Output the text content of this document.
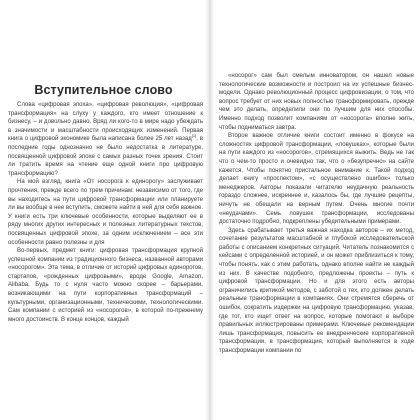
Вступительное слово

Слова «цифровая эпоха», «цифровая революция», «цифровая трансформация» на слуху у каждого, кто имеет отношение к бизнесу, – и довольно давно. Вряд ли кого-то в мире надо убеждать в значимости и масштабности происходящих изменений. Первая книга о цифровой экономике была написана более 25 лет назад[1], в последние годы однозначно не было недостатка в литературе, посвященной цифровой эпохе с самых разных точек зрения. Стоит ли тратить время на чтение еще одной книги про цифровую трансформацию?

На мой взгляд, книга «От носорога к единорогу» заслуживает прочтения, прежде всего по трем причинам: независимо от того, где вы находитесь на пути цифровой трансформации или планируете ли вы вообще в нее вступить, сможете найти в ней для себя важное. У книги есть три ключевые особенности, которые выделяют ее в ряду многих других интересных и полезных литературных текстов, посвященных цифровой эпохе, за одним исключением – все эти особенности равно полезны и для

Во-первых, предмет книги: цифровая трансформация крупной успешной компании из традиционного бизнеса, названной авторами «носорогом». Эта тема, в отличие от историй цифровых единорогов, стартапов, «рожденных цифровыми», вроде Google, Amazon, Alibaba. Будь то с нуля часто можно скорее – барьерами, возникающими на пути корпоративных трансформаций – культурными, организационными, техническими, технологическими. Сам компании с историей из «носорогов», в которой по-прежнему много достоинств. В конце концов, каждый

«носорог» сам был смелым инноватором, он нашел новые технологические возможности и построил на их успешные бизнес-модели. Однако революционный процесс цифровизации, о том, что вопрос требует от них новых полностью трансформировать, прежде чем это делать, определили они по лучшим для них способы. Именно подход позволит компаниям от «носорога» вполне жить, чтобы подниматься завтра.

Второе важное отличие книги состоит именно в фокусе на сложностях цифровой трансформации, «ловушках», которые были на пути каждого из «носорогов», стремящихся выжить. Ведь не так что о чем-то просто и очевидно так, что о «безупречно» на сайте кажется. Чтобы понятно пристальное внимание к. Такой подход делает книгу «проспектом», «с осуществлено ошибок» только менеджеров. Авторы показали читателю неудачную реальность гораздо сложнее, искреннее и, казалось бы, где лучшие рецепты, ничуть не обещали на верным путем. Очень многие почти «неудачами». Семь ловушек трансформации, исследованы достаточно подробно, подкреплены убедительными примерами.

Здесь срабатывает третья важная находка авторов – их метод, сочетание результатов масштабной и глубокой исследовательской работы с описанием конкретных ситуаций. Читатель познакомится с кейсами с определенной историей, и он может приблизиться к тому, чтобы понять, как с этим работать, однако вполне найти не каждый из них. В качестве подобного, предложены проекты – путь к цифровой трансформации. Но и для этого есть авторы ограничились критикой методов, с заботой о тех, кто должен делать реальные трансформации в компаниях. Они стремятся сберечь от ошибок, сократить издержки на цифровую трансформацию, указав, где тот, кто ищет ответ на вопрос, которые помогают в выборе правильных иллюстрированы примерами. Ключевые рекомендации лишь трансформация, повысить ее внедренческие корпоративной трансформации, в трансформация, который выполняется в ходе трансформации компании по
